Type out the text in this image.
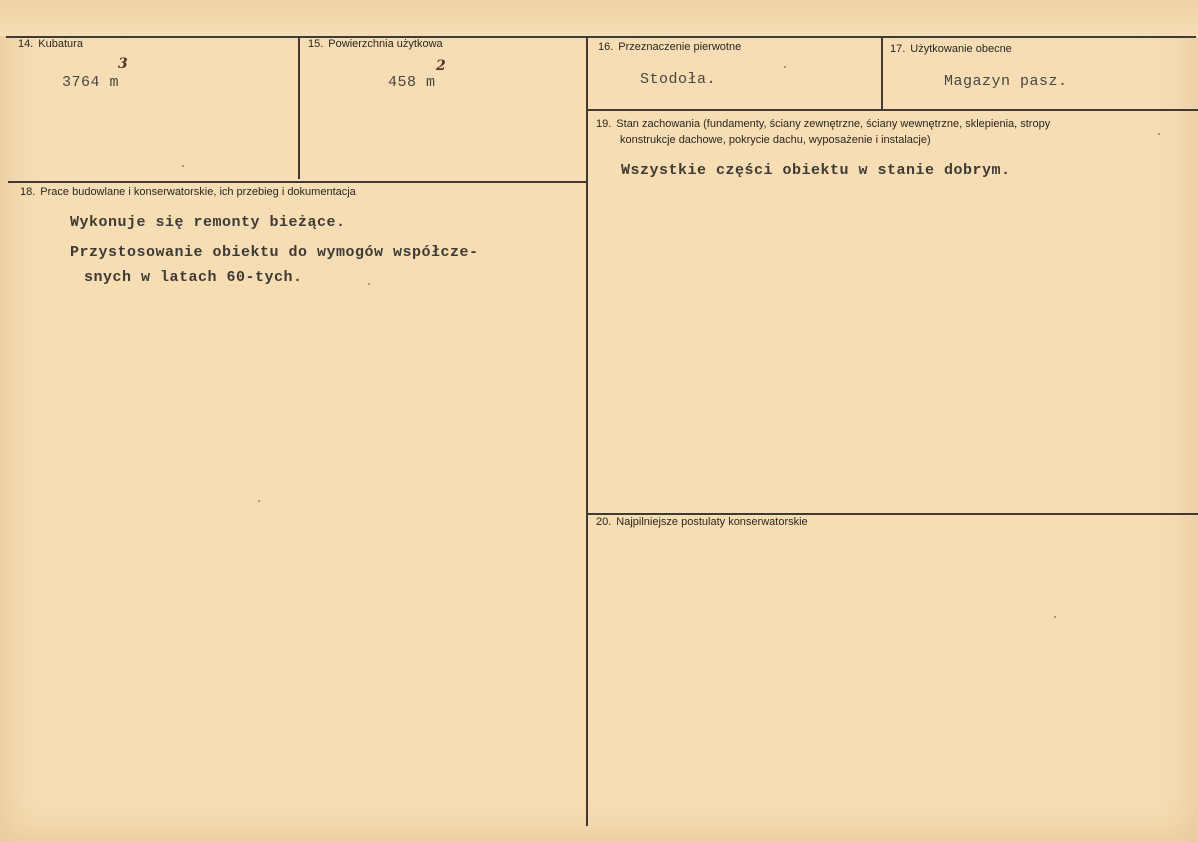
14. Kubatura
3764 m
3
15. Powierzchnia użytkowa
458 m
2
16. Przeznaczenie pierwotne
Stodoła.
17. Użytkowanie obecne
Magazyn pasz.
19. Stan zachowania (fundamenty, ściany zewnętrzne, ściany wewnętrzne, sklepienia, stropy
konstrukcje dachowe, pokrycie dachu, wyposażenie i instalacje)
Wszystkie części obiektu w stanie dobrym.
18. Prace budowlane i konserwatorskie, ich przebieg i dokumentacja
Wykonuje się remonty bieżące.
Przystosowanie obiektu do wymogów współcze-
snych w latach 60-tych.
20. Najpilniejsze postulaty konserwatorskie
